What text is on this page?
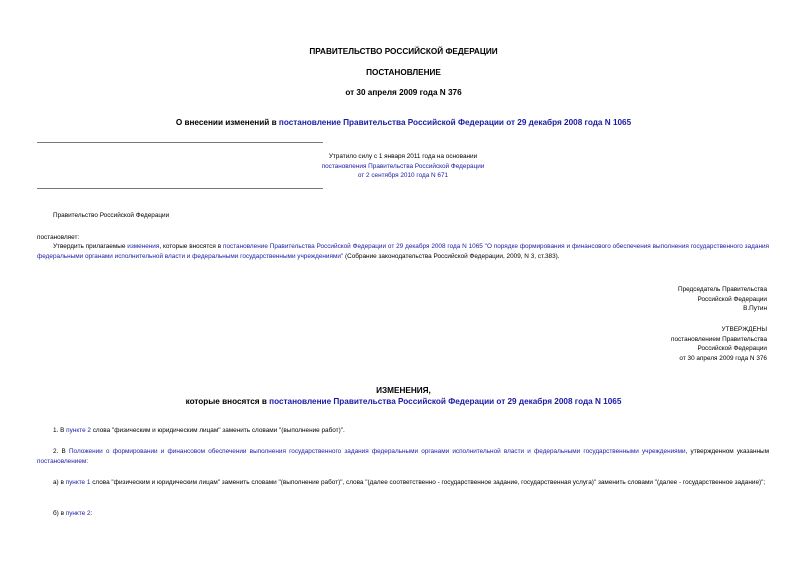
ПРАВИТЕЛЬСТВО РОССИЙСКОЙ ФЕДЕРАЦИИ
ПОСТАНОВЛЕНИЕ
от 30 апреля 2009 года N 376
О внесении изменений в постановление Правительства Российской Федерации от 29 декабря 2008 года N 1065
Утратило силу с 1 января 2011 года на основании
постановления Правительства Российской Федерации
от 2 сентября 2010 года N 671
Правительство Российской Федерации
постановляет:
Утвердить прилагаемые изменения, которые вносятся в постановление Правительства Российской Федерации от 29 декабря 2008 года N 1065 "О порядке формирования и финансового обеспечения выполнения государственного задания федеральными органами исполнительной власти и федеральными государственными учреждениями" (Собрание законодательства Российской Федерации, 2009, N 3, ст.383).
Председатель Правительства
Российской Федерации
В.Путин
УТВЕРЖДЕНЫ
постановлением Правительства
Российской Федерации
от 30 апреля 2009 года N 376
ИЗМЕНЕНИЯ,
которые вносятся в постановление Правительства Российской Федерации от 29 декабря 2008 года N 1065
1. В пункте 2 слова "физическим и юридическим лицам" заменить словами "(выполнение работ)".
2. В Положении о формировании и финансовом обеспечении выполнения государственного задания федеральными органами исполнительной власти и федеральными государственными учреждениями, утвержденном указанным постановлением:
а) в пункте 1 слова "физическим и юридическим лицам" заменить словами "(выполнение работ)", слова "(далее соответственно - государственное задание, государственная услуга)" заменить словами "(далее - государственное задание)";
б) в пункте 2:
